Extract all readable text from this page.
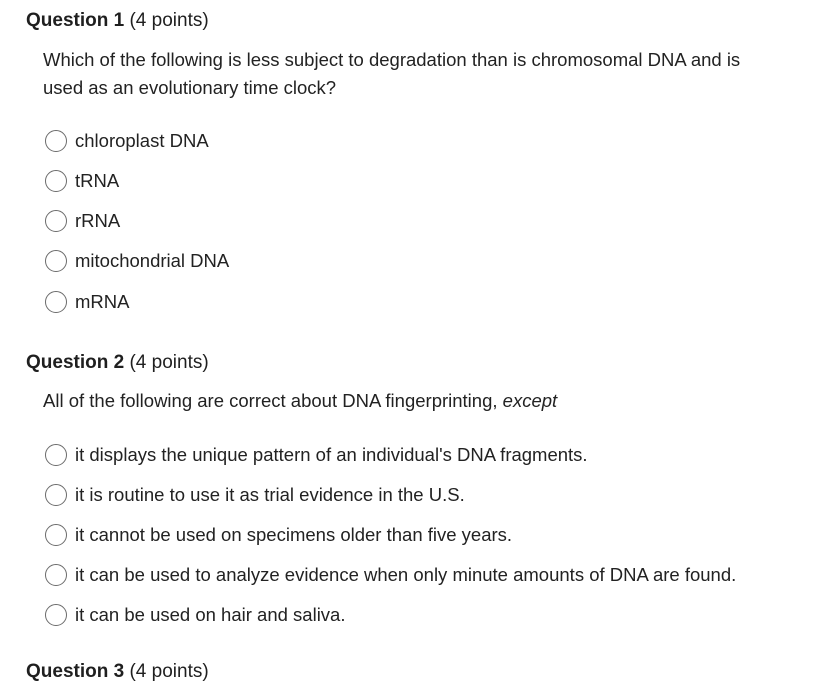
Question 1 (4 points)
Which of the following is less subject to degradation than is chromosomal DNA and is used as an evolutionary time clock?
chloroplast DNA
tRNA
rRNA
mitochondrial DNA
mRNA
Question 2 (4 points)
All of the following are correct about DNA fingerprinting, except
it displays the unique pattern of an individual's DNA fragments.
it is routine to use it as trial evidence in the U.S.
it cannot be used on specimens older than five years.
it can be used to analyze evidence when only minute amounts of DNA are found.
it can be used on hair and saliva.
Question 3 (4 points)
